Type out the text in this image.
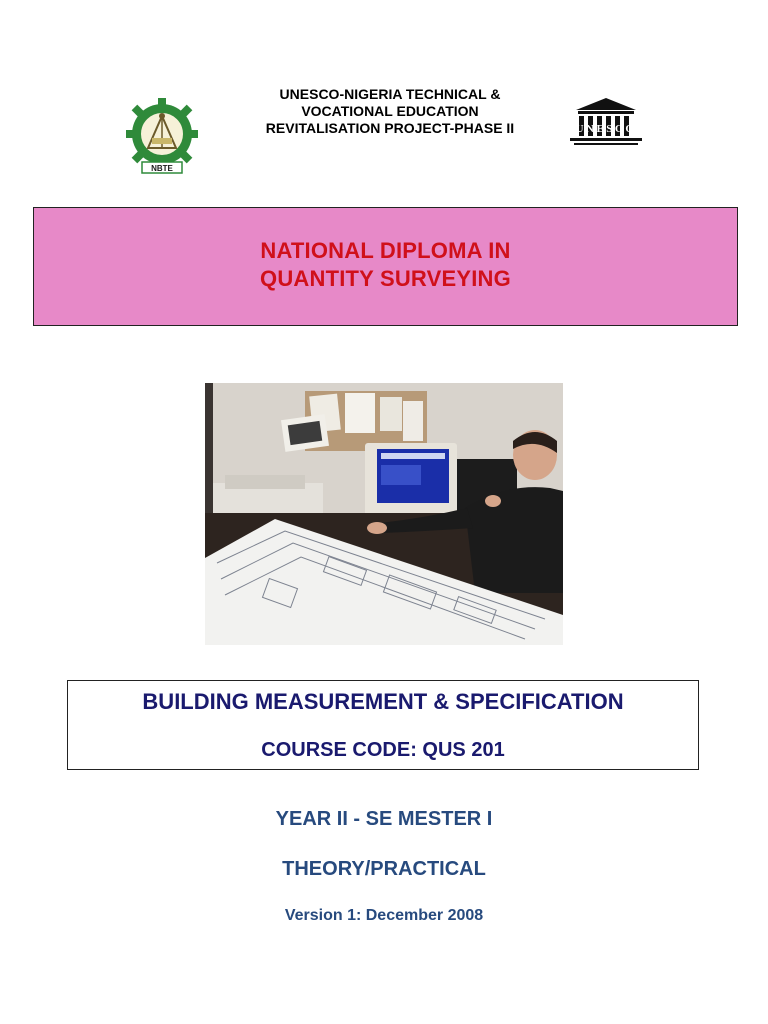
NBTE
UNESCO-NIGERIA TECHNICAL &
VOCATIONAL EDUCATION
REVITALISATION PROJECT-PHASE II	UNESCO
NATIONAL DIPLOMA IN
QUANTITY SURVEYING
BUILDING MEASUREMENT & SPECIFICATION
COURSE CODE: QUS 201
YEAR II - SE MESTER I
THEORY/PRACTICAL
Version 1: December 2008
